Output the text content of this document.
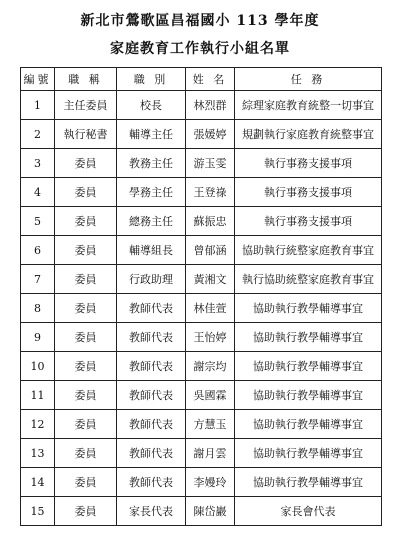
新北市鶯歌區昌福國小 113 學年度
家庭教育工作執行小組名單
編號	職 稱	職 別	姓 名	任 務
1	主任委員	校長	林烈群	綜理家庭教育統整一切事宜
2	執行秘書	輔導主任	張媛婷	規劃執行家庭教育統整事宜
3	委員	教務主任	游玉雯	執行事務支援事項
4	委員	學務主任	王登祿	執行事務支援事項
5	委員	總務主任	蘇振忠	執行事務支援事項
6	委員	輔導組長	曾郁涵	協助執行統整家庭教育事宜
7	委員	行政助理	黃湘文	執行協助統整家庭教育事宜
8	委員	教師代表	林佳萱	協助執行教學輔導事宜
9	委員	教師代表	王怡婷	協助執行教學輔導事宜
10	委員	教師代表	謝宗均	協助執行教學輔導事宜
11	委員	教師代表	吳國霖	協助執行教學輔導事宜
12	委員	教師代表	方慧玉	協助執行教學輔導事宜
13	委員	教師代表	謝月雲	協助執行教學輔導事宜
14	委員	教師代表	李嫚玲	協助執行教學輔導事宜
15	委員	家長代表	陳岱巖	家長會代表
